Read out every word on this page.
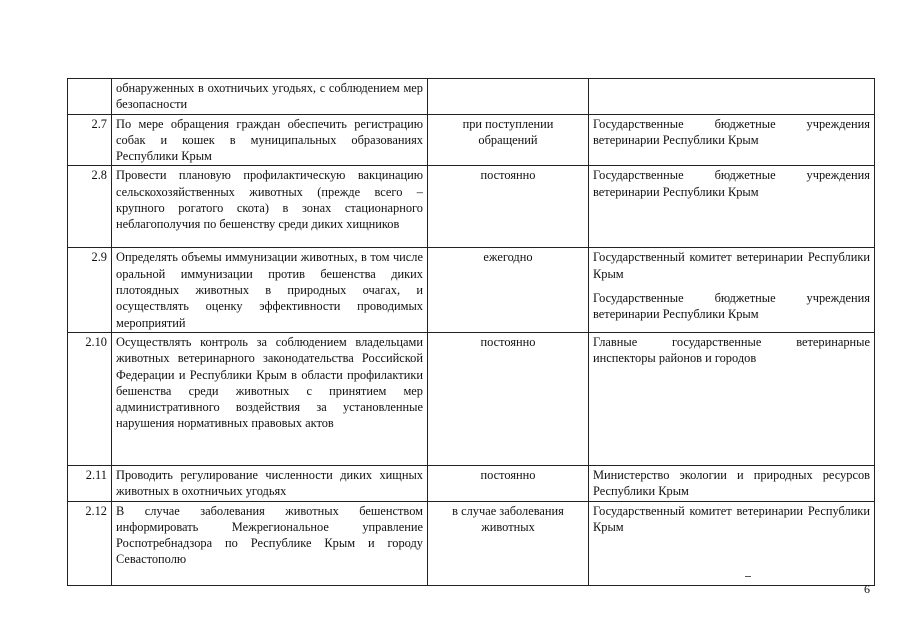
	обнаруженных в охотничьих угодьях, с соблюдением мер безопасности		

2.7	По мере обращения граждан обеспечить регистрацию собак и кошек в муниципальных образованиях Республики Крым	при поступлении обращений	Государственные бюджетные учреждения ветеринарии Республики Крым

2.8	Провести плановую профилактическую вакцинацию сельскохозяйственных животных (прежде всего – крупного рогатого скота) в зонах стационарного неблагополучия по бешенству среди диких хищников	постоянно	Государственные бюджетные учреждения ветеринарии Республики Крым

2.9	Определять объемы иммунизации животных, в том числе оральной иммунизации против бешенства диких плотоядных животных в природных очагах, и осуществлять оценку эффективности проводимых мероприятий	ежегодно	Государственный комитет ветеринарии Республики Крым

Государственные бюджетные учреждения ветеринарии Республики Крым

2.10	Осуществлять контроль за соблюдением владельцами животных ветеринарного законодательства Российской Федерации и Республики Крым в области профилактики бешенства среди животных с принятием мер административного воздействия за установленные нарушения нормативных правовых актов	постоянно	Главные государственные ветеринарные инспекторы районов и городов

2.11	Проводить регулирование численности диких хищных животных в охотничьих угодьях	постоянно	Министерство экологии и природных ресурсов Республики Крым

2.12	В случае заболевания животных бешенством информировать Межрегиональное управление Роспотребнадзора по Республике Крым и городу Севастополю	в случае заболевания животных	Государственный комитет ветеринарии Республики Крым

6
